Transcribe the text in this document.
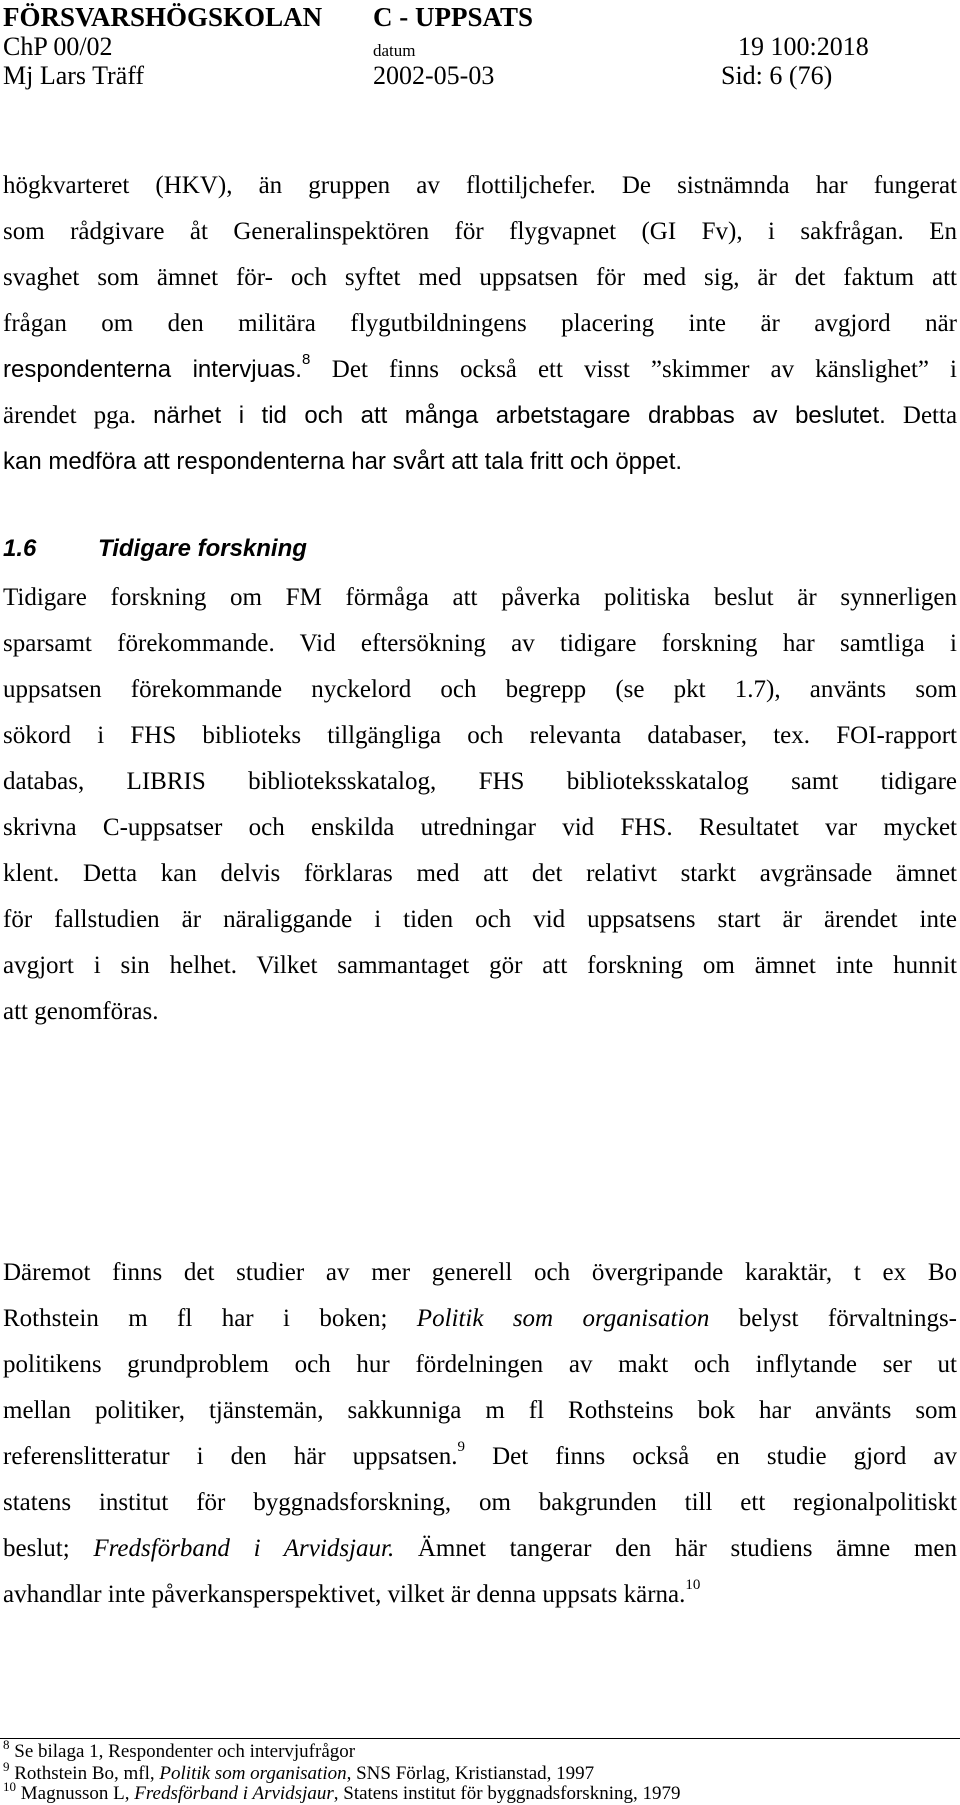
FÖRSVARSHÖGSKOLAN C - UPPSATS
ChP 00/02	datum	19 100:2018
Mj Lars Träff	2002-05-03	Sid: 6 (76)
högkvarteret (HKV), än gruppen av flottiljchefer. De sistnämnda har fungerat
som rådgivare åt Generalinspektören för flygvapnet (GI Fv), i sakfrågan. En
svaghet som ämnet för- och syftet med uppsatsen för med sig, är det faktum att
frågan om den militära flygutbildningens placering inte är avgjord när
respondenterna intervjuas.$^8$ Det finns också ett visst ”skimmer av känslighet” i
ärendet pga. närhet i tid och att många arbetstagare drabbas av beslutet. Detta
kan medföra att respondenterna har svårt att tala fritt och öppet.
1.6	Tidigare forskning
Tidigare forskning om FM förmåga att påverka politiska beslut är synnerligen
sparsamt förekommande. Vid eftersökning av tidigare forskning har samtliga i
uppsatsen förekommande nyckelord och begrepp (se pkt 1.7), använts som
sökord i FHS biblioteks tillgängliga och relevanta databaser, tex. FOI-rapport
databas, LIBRIS biblioteksskatalog, FHS biblioteksskatalog samt tidigare
skrivna C-uppsatser och enskilda utredningar vid FHS. Resultatet var mycket
klent. Detta kan delvis förklaras med att det relativt starkt avgränsade ämnet
för fallstudien är näraliggande i tiden och vid uppsatsens start är ärendet inte
avgjort i sin helhet. Vilket sammantaget gör att forskning om ämnet inte hunnit
att genomföras.
Däremot finns det studier av mer generell och övergripande karaktär, t ex Bo
Rothstein m fl har i boken; Politik som organisation belyst förvaltnings-
politikens grundproblem och hur fördelningen av makt och inflytande ser ut
mellan politiker, tjänstemän, sakkunniga m fl Rothsteins bok har använts som
referenslitteratur i den här uppsatsen.$^9$ Det finns också en studie gjord av
statens institut för byggnadsforskning, om bakgrunden till ett regionalpolitiskt
beslut; Fredsförband i Arvidsjaur. Ämnet tangerar den här studiens ämne men
avhandlar inte påverkansperspektivet, vilket är denna uppsats kärna.$^{10}$
$^8$ Se bilaga 1, Respondenter och intervjufrågor
$^9$ Rothstein Bo, mfl, Politik som organisation, SNS Förlag, Kristianstad, 1997
$^{10}$ Magnusson L, Fredsförband i Arvidsjaur, Statens institut för byggnadsforskning, 1979
